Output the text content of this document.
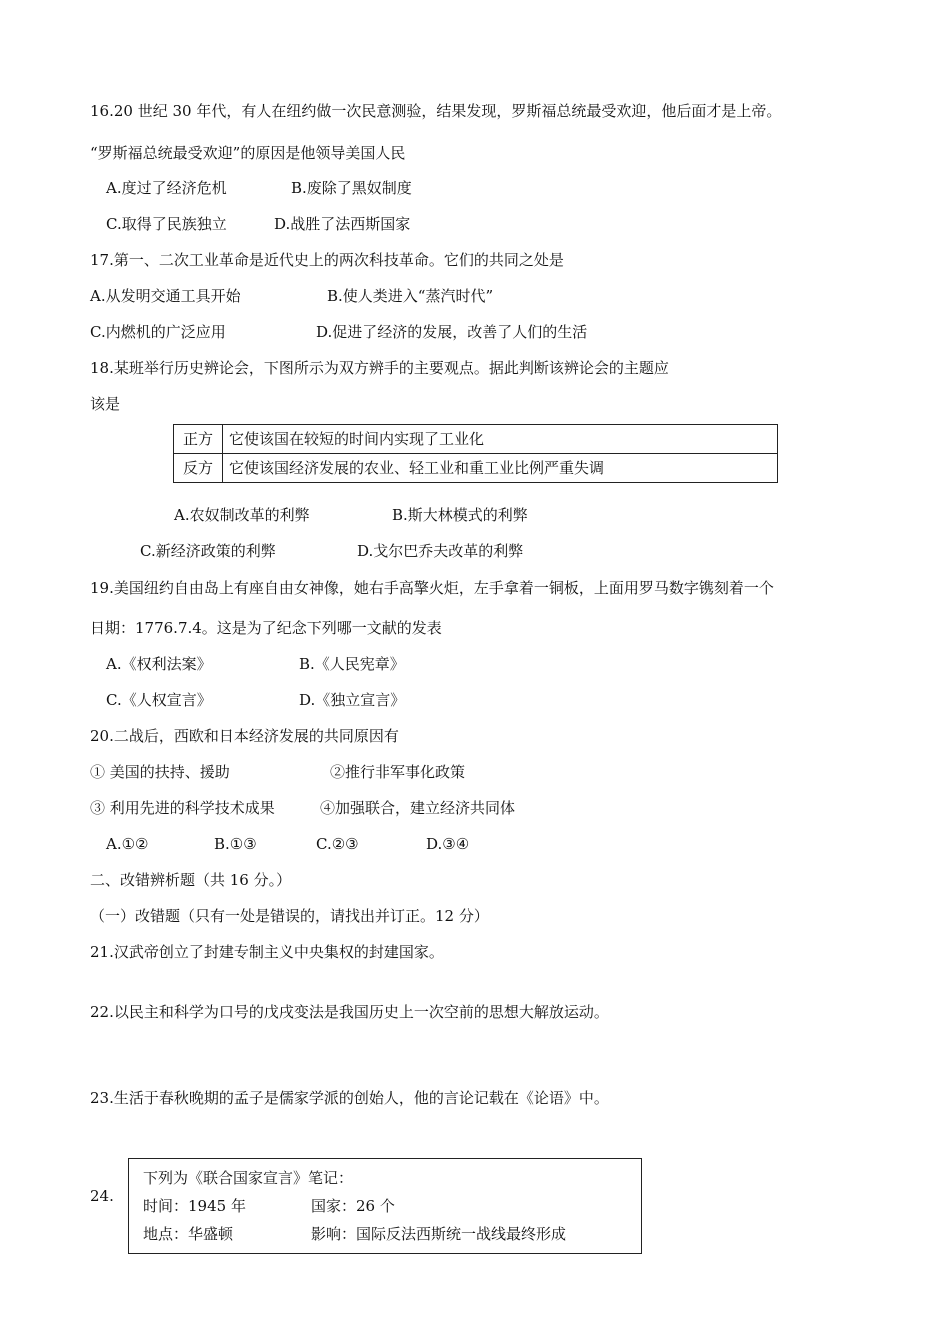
16.20 世纪 30 年代，有人在纽约做一次民意测验，结果发现，罗斯福总统最受欢迎，他后面才是上帝。
“罗斯福总统最受欢迎”的原因是他领导美国人民
A.度过了经济危机	B.废除了黑奴制度
C.取得了民族独立	D.战胜了法西斯国家
17.第一、二次工业革命是近代史上的两次科技革命。它们的共同之处是
A.从发明交通工具开始	B.使人类进入“蒸汽时代”
C.内燃机的广泛应用	D.促进了经济的发展，改善了人们的生活
18.某班举行历史辨论会，下图所示为双方辨手的主要观点。据此判断该辨论会的主题应
该是
正方	它使该国在较短的时间内实现了工业化
反方	它使该国经济发展的农业、轻工业和重工业比例严重失调
A.农奴制改革的利弊	B.斯大林模式的利弊
C.新经济政策的利弊	D.戈尔巴乔夫改革的利弊
19.美国纽约自由岛上有座自由女神像，她右手高擎火炬，左手拿着一铜板，上面用罗马数字镌刻着一个
日期：1776.7.4。这是为了纪念下列哪一文献的发表
A.《权利法案》	B.《人民宪章》
C.《人权宣言》	D.《独立宣言》
20.二战后，西欧和日本经济发展的共同原因有
① 美国的扶持、援助	②推行非军事化政策
③ 利用先进的科学技术成果	④加强联合，建立经济共同体
A.①②	B.①③	C.②③	D.③④
二、改错辨析题（共 16 分。）
（一）改错题（只有一处是错误的，请找出并订正。12 分）
21.汉武帝创立了封建专制主义中央集权的封建国家。
22.以民主和科学为口号的戊戌变法是我国历史上一次空前的思想大解放运动。
23.生活于春秋晚期的孟子是儒家学派的创始人，他的言论记载在《论语》中。
24.
下列为《联合国家宣言》笔记：
时间：1945 年	国家：26 个
地点：华盛顿	影响：国际反法西斯统一战线最终形成
